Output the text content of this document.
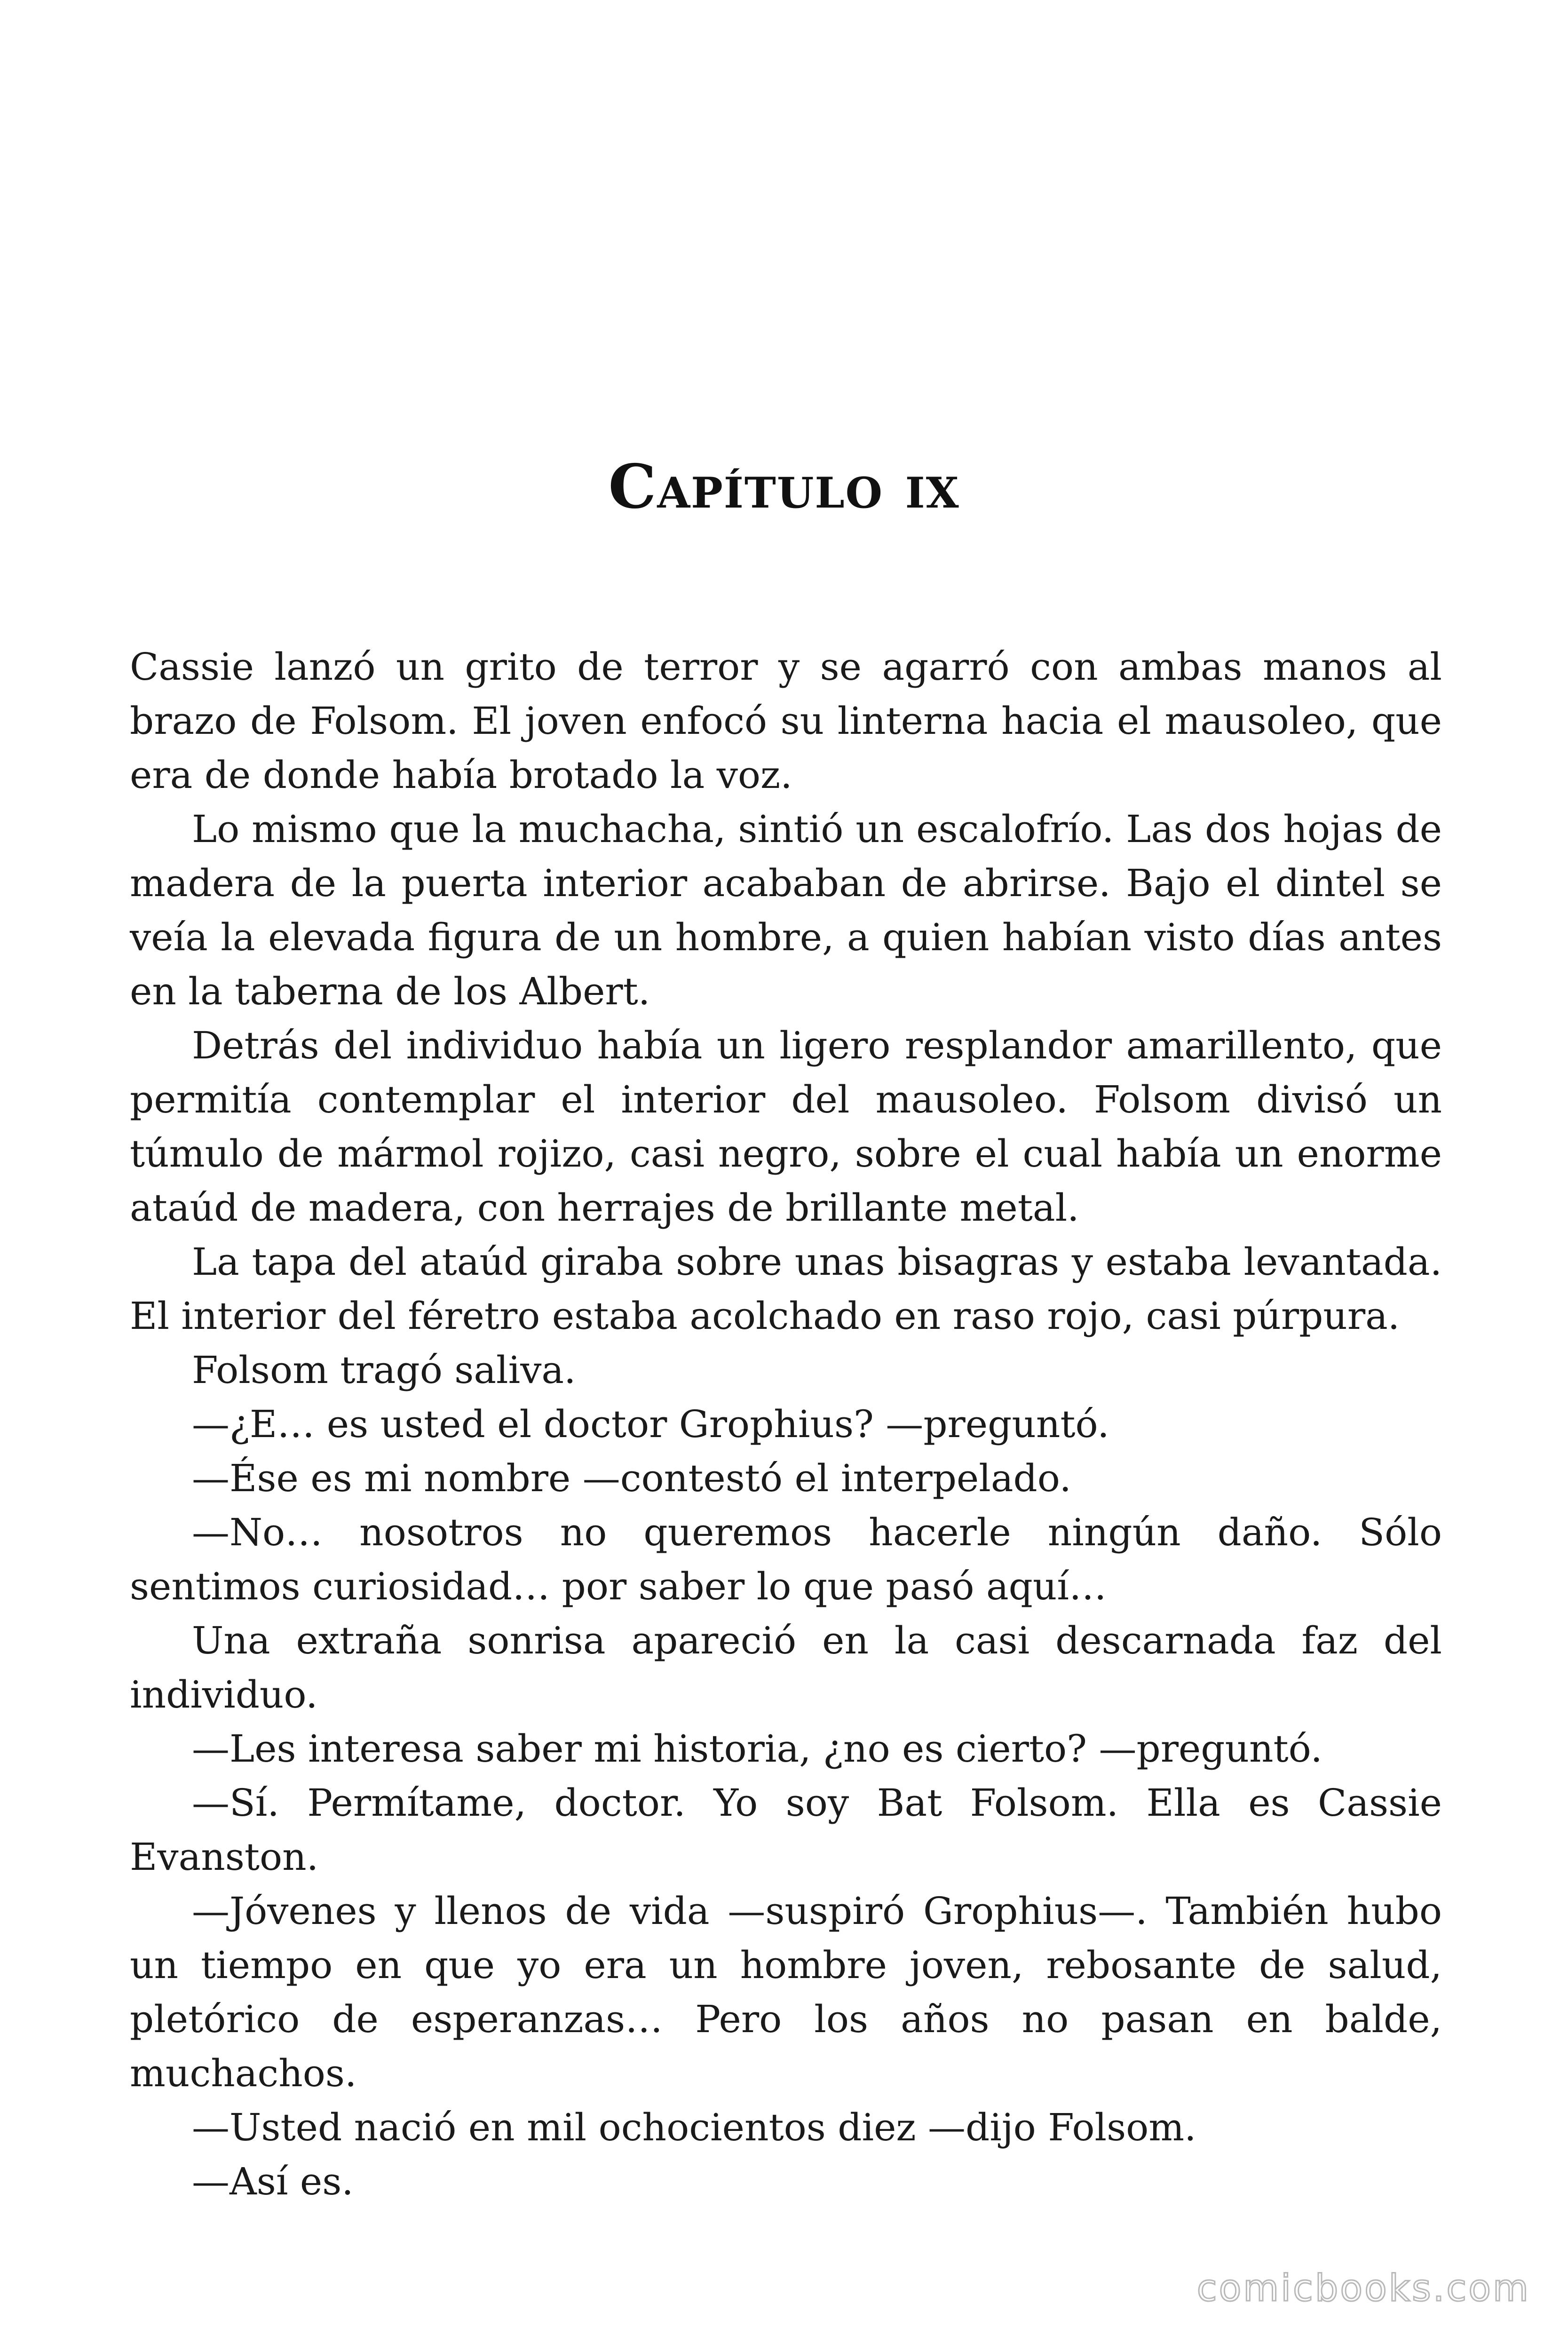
Capítulo ix

Cassie lanzó un grito de terror y se agarró con ambas manos al brazo de Folsom. El joven enfocó su linterna hacia el mausoleo, que era de donde había brotado la voz.

Lo mismo que la muchacha, sintió un escalofrío. Las dos hojas de madera de la puerta interior acababan de abrirse. Bajo el dintel se veía la elevada figura de un hombre, a quien habían visto días antes en la taberna de los Albert.

Detrás del individuo había un ligero resplandor amarillento, que permitía contemplar el interior del mausoleo. Folsom divisó un túmulo de mármol rojizo, casi negro, sobre el cual había un enorme ataúd de madera, con herrajes de brillante metal.

La tapa del ataúd giraba sobre unas bisagras y estaba levantada. El interior del féretro estaba acolchado en raso rojo, casi púrpura.

Folsom tragó saliva.

—¿E… es usted el doctor Grophius? —preguntó.

—Ése es mi nombre —contestó el interpelado.

—No… nosotros no queremos hacerle ningún daño. Sólo sentimos curiosidad… por saber lo que pasó aquí…

Una extraña sonrisa apareció en la casi descarnada faz del individuo.

—Les interesa saber mi historia, ¿no es cierto? —preguntó.

—Sí. Permítame, doctor. Yo soy Bat Folsom. Ella es Cassie Evanston.

—Jóvenes y llenos de vida —suspiró Grophius—. También hubo un tiempo en que yo era un hombre joven, rebosante de salud, pletórico de esperanzas… Pero los años no pasan en balde, muchachos.

—Usted nació en mil ochocientos diez —dijo Folsom.

—Así es.

comicbooks.com
